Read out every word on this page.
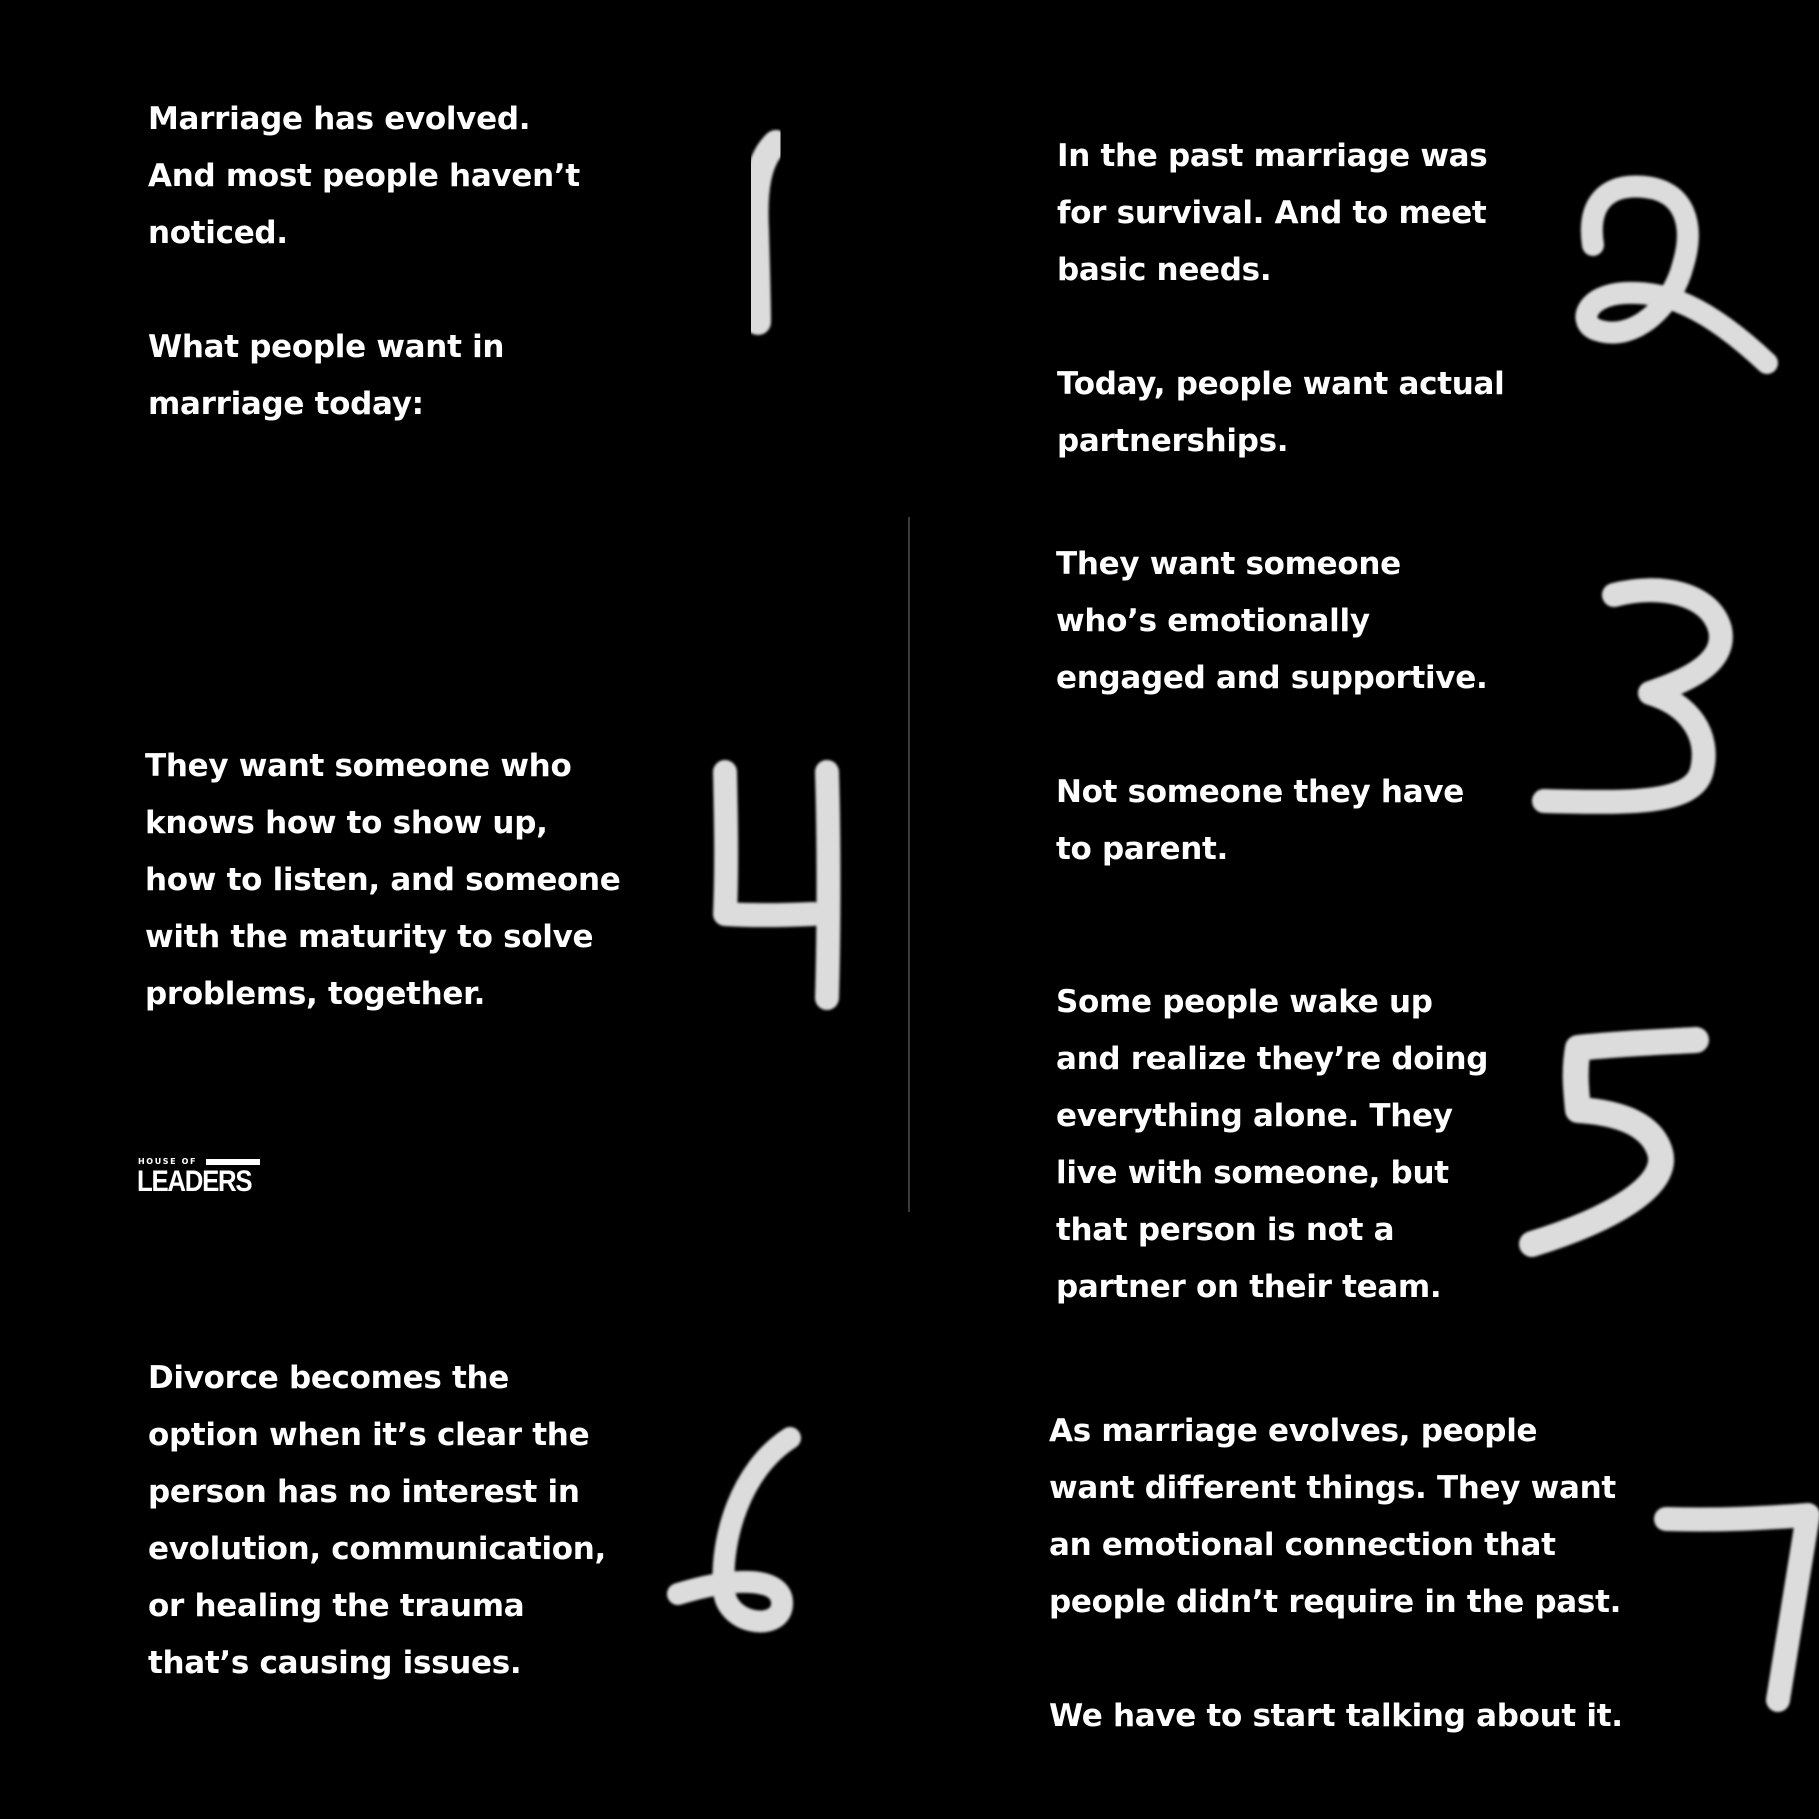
Marriage has evolved.
And most people haven’t
noticed.
What people want in
marriage today:
In the past marriage was
for survival. And to meet
basic needs.
Today, people want actual
partnerships.
They want someone
who’s emotionally
engaged and supportive.
Not someone they have
to parent.
They want someone who
knows how to show up,
how to listen, and someone
with the maturity to solve
problems, together.	Some people wake up
and realize they’re doing
everything alone. They
live with someone, but
that person is not a
partner on their team.
Divorce becomes the
option when it’s clear the
person has no interest in
evolution, communication,
or healing the trauma
that’s causing issues.
As marriage evolves, people
want different things. They want
an emotional connection that
people didn’t require in the past.
We have to start talking about it.
HOUSE OF
LEADERS
